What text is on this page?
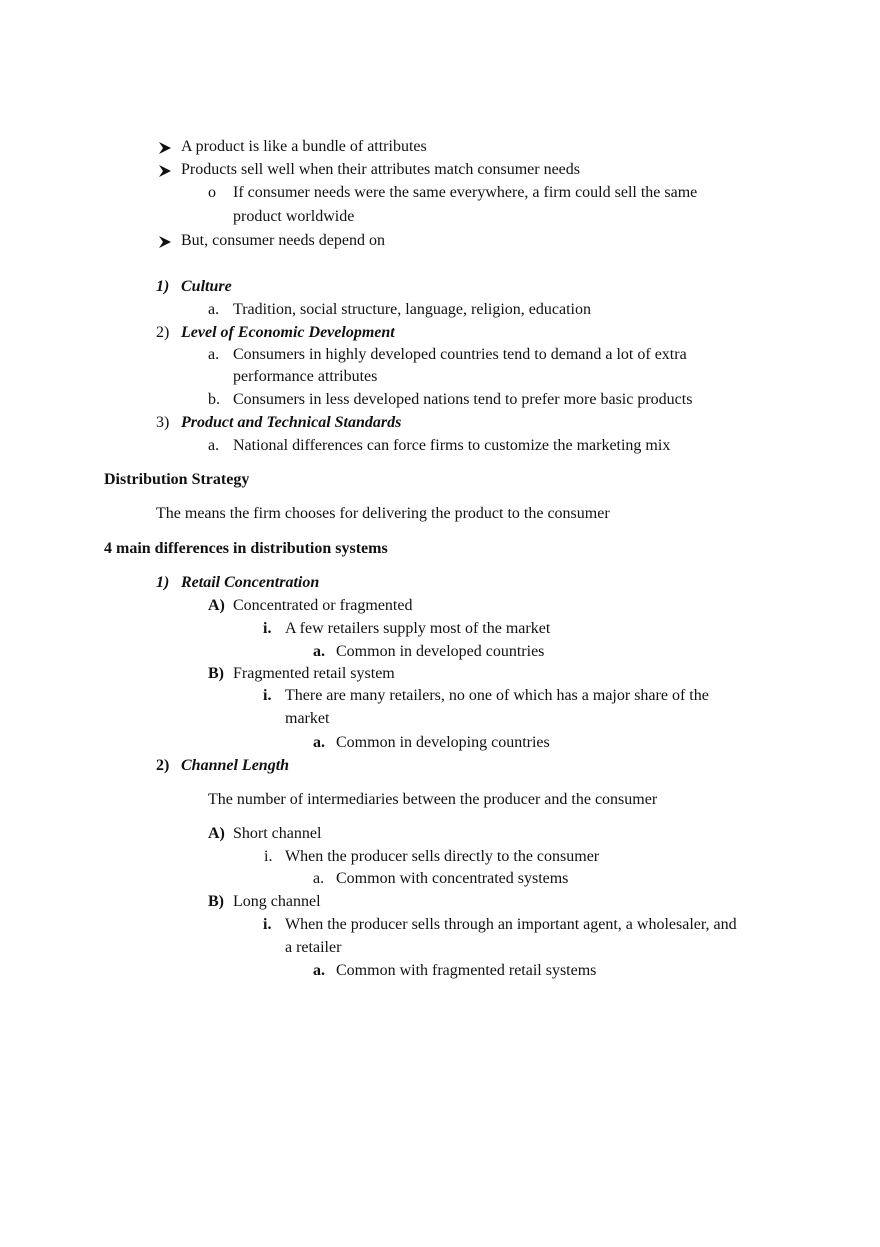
A product is like a bundle of attributes
Products sell well when their attributes match consumer needs
o If consumer needs were the same everywhere, a firm could sell the same
product worldwide
But, consumer needs depend on
1) Culture
a. Tradition, social structure, language, religion, education
2) Level of Economic Development
a. Consumers in highly developed countries tend to demand a lot of extra
performance attributes
b. Consumers in less developed nations tend to prefer more basic products
3) Product and Technical Standards
a. National differences can force firms to customize the marketing mix
Distribution Strategy
The means the firm chooses for delivering the product to the consumer
4 main differences in distribution systems
1) Retail Concentration
A) Concentrated or fragmented
i. A few retailers supply most of the market
a. Common in developed countries
B) Fragmented retail system
i. There are many retailers, no one of which has a major share of the
market
a. Common in developing countries
2) Channel Length
The number of intermediaries between the producer and the consumer
A) Short channel
i. When the producer sells directly to the consumer
a. Common with concentrated systems
B) Long channel
i. When the producer sells through an important agent, a wholesaler, and
a retailer
a. Common with fragmented retail systems
